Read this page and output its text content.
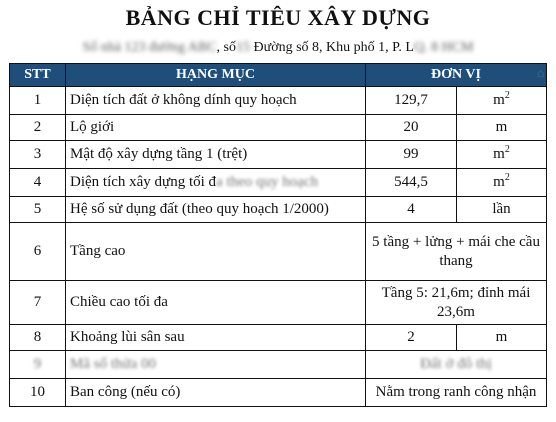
BẢNG CHỈ TIÊU XÂY DỰNG
Số nhà 123 đường ABC, số15 Đường số 8, Khu phố 1, P. LQ. 8 HCM
STT	HẠNG MỤC	ĐƠN VỊ ⌂	

1	Diện tích đất ở không dính quy hoạch	129,7	$m^2$
2	Lộ giới	20	m
3	Mật độ xây dựng tầng 1 (trệt)	99	$m^2$
4	Diện tích xây dựng tối đa theo quy hoạch	544,5	$m^2$
5	Hệ số sử dụng đất (theo quy hoạch 1/2000)	4	lần
6	Tầng cao	5 tầng + lửng + mái che cầu thang	
7	Chiều cao tối đa	Tầng 5: 21,6m; đỉnh mái 23,6m	
8	Khoảng lùi sân sau	2	m
9	Mã số thửa 00	Đất ở đô thị	
10	Ban công (nếu có)	Nằm trong ranh công nhận	
